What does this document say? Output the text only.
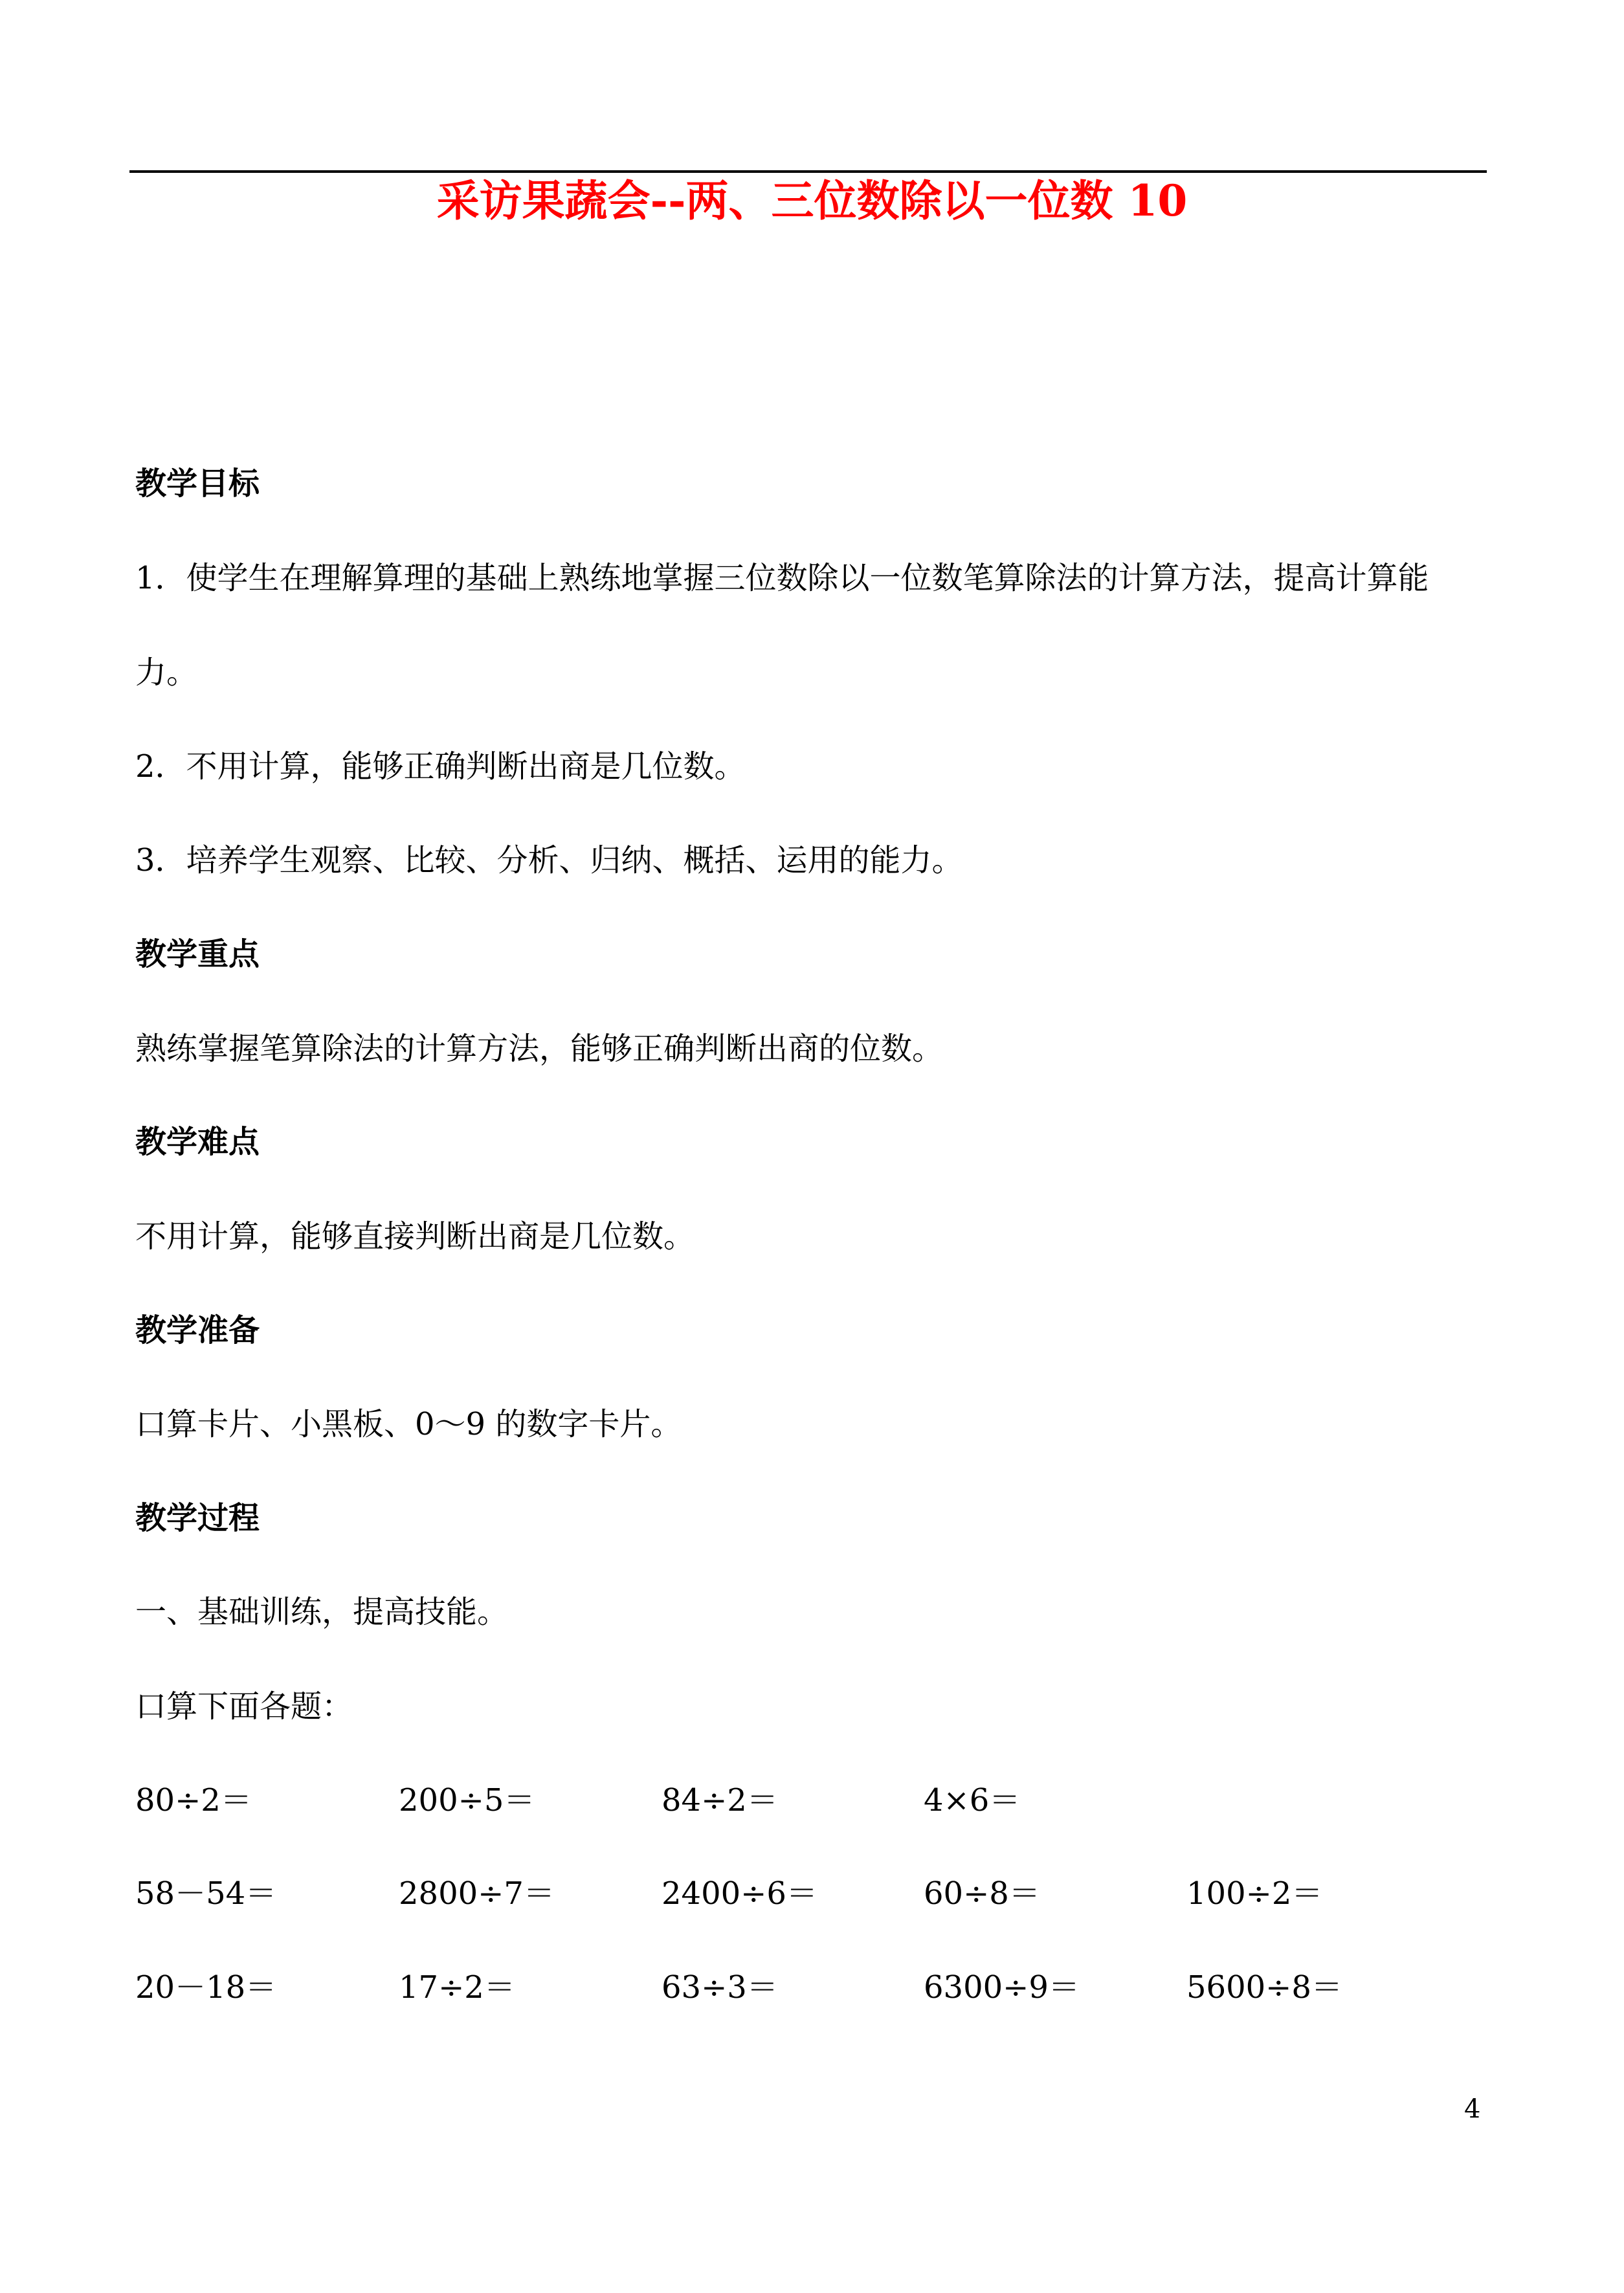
采访果蔬会--两、三位数除以一位数 10
教学目标
1．使学生在理解算理的基础上熟练地掌握三位数除以一位数笔算除法的计算方法，提高计算能
力。
2．不用计算，能够正确判断出商是几位数。
3．培养学生观察、比较、分析、归纳、概括、运用的能力。
教学重点
熟练掌握笔算除法的计算方法，能够正确判断出商的位数。
教学难点
不用计算，能够直接判断出商是几位数。
教学准备
口算卡片、小黑板、0～9 的数字卡片。
教学过程
一、基础训练，提高技能。
口算下面各题：
80÷2＝	200÷5＝	84÷2＝	4×6＝
58－54＝	2800÷7＝	2400÷6＝	60÷8＝	100÷2＝
20－18＝	17÷2＝	63÷3＝	6300÷9＝	5600÷8＝
4
